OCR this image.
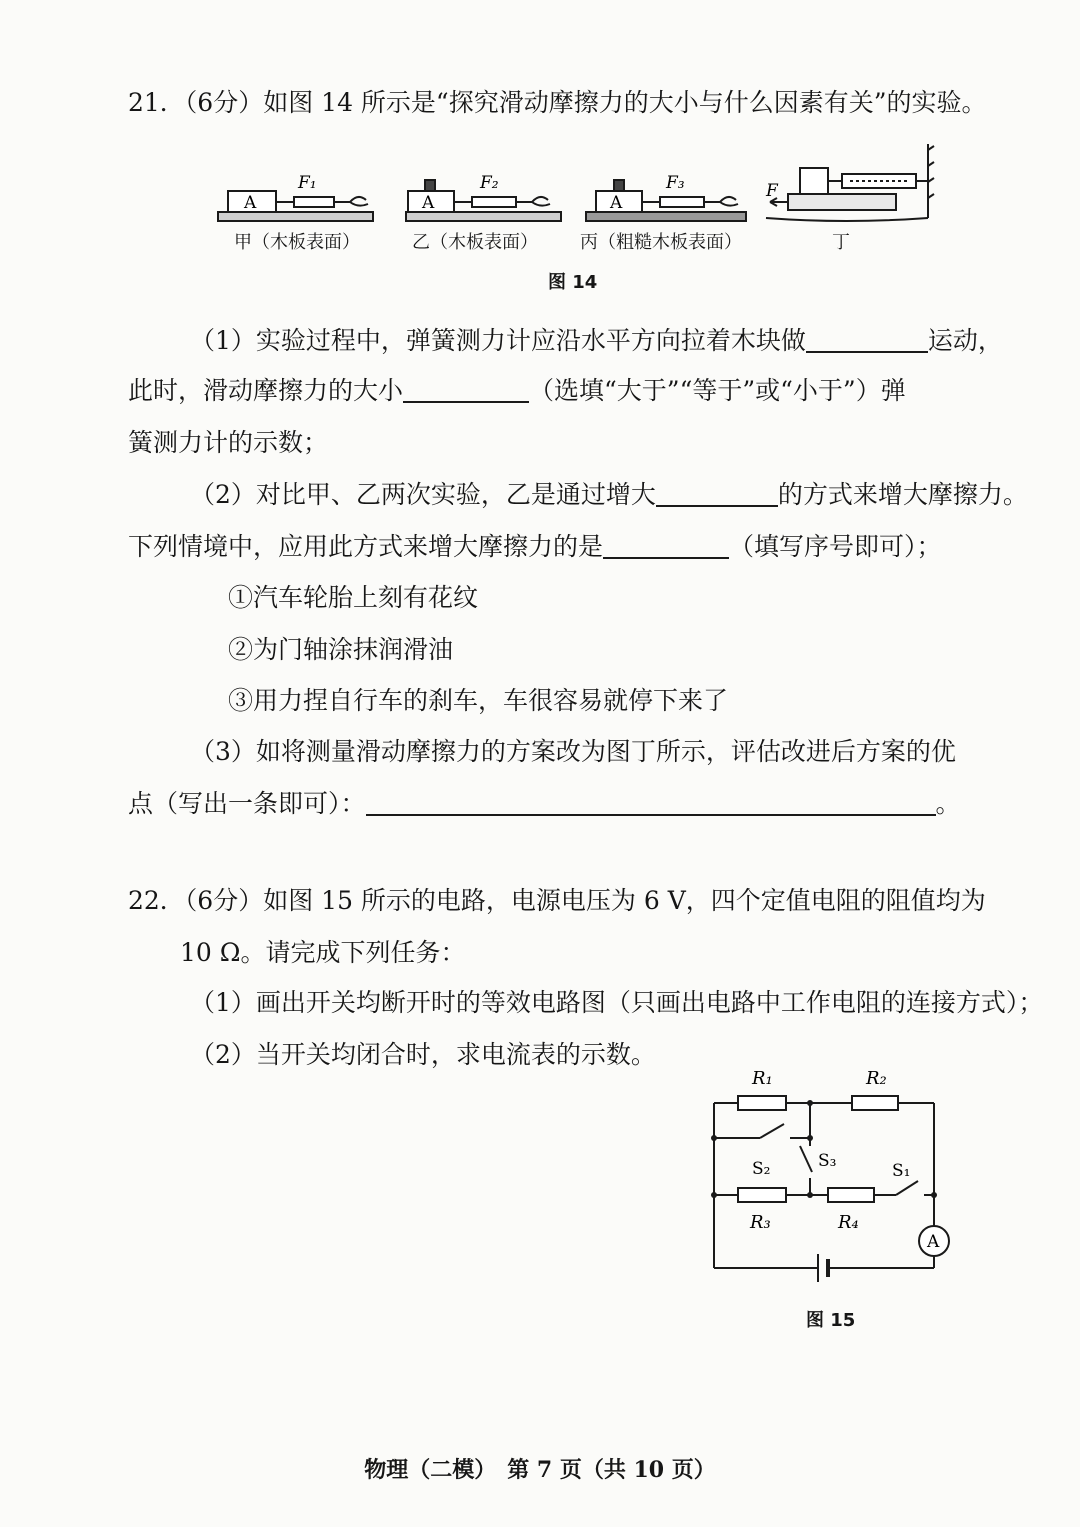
21．（6分）如图 14 所示是“探究滑动摩擦力的大小与什么因素有关”的实验。
A	A	A
F₁	F₂	F₃	F
甲（木板表面）	乙（木板表面） 丙（粗糙木板表面）	丁
图 14
（1）实验过程中，弹簧测力计应沿水平方向拉着木块做	运动，
此时，滑动摩擦力的大小	（选填“大于”“等于”或“小于”）弹
簧测力计的示数；
（2）对比甲、乙两次实验，乙是通过增大	的方式来增大摩擦力。
下列情境中，应用此方式来增大摩擦力的是	（填写序号即可）；
①汽车轮胎上刻有花纹
②为门轴涂抹润滑油
③用力捏自行车的刹车，车很容易就停下来了
（3）如将测量滑动摩擦力的方案改为图丁所示，评估改进后方案的优
点（写出一条即可）：	。
22．（6分）如图 15 所示的电路，电源电压为 6 V，四个定值电阻的阻值均为
10 Ω。请完成下列任务：
（1）画出开关均断开时的等效电路图（只画出电路中工作电阻的连接方式）；
（2）当开关均闭合时，求电流表的示数。
R₁	R₂
R₃	R₄
S₁
S₂	S₃
A
图 15
物理（二模）　第 7 页（共 10 页）
